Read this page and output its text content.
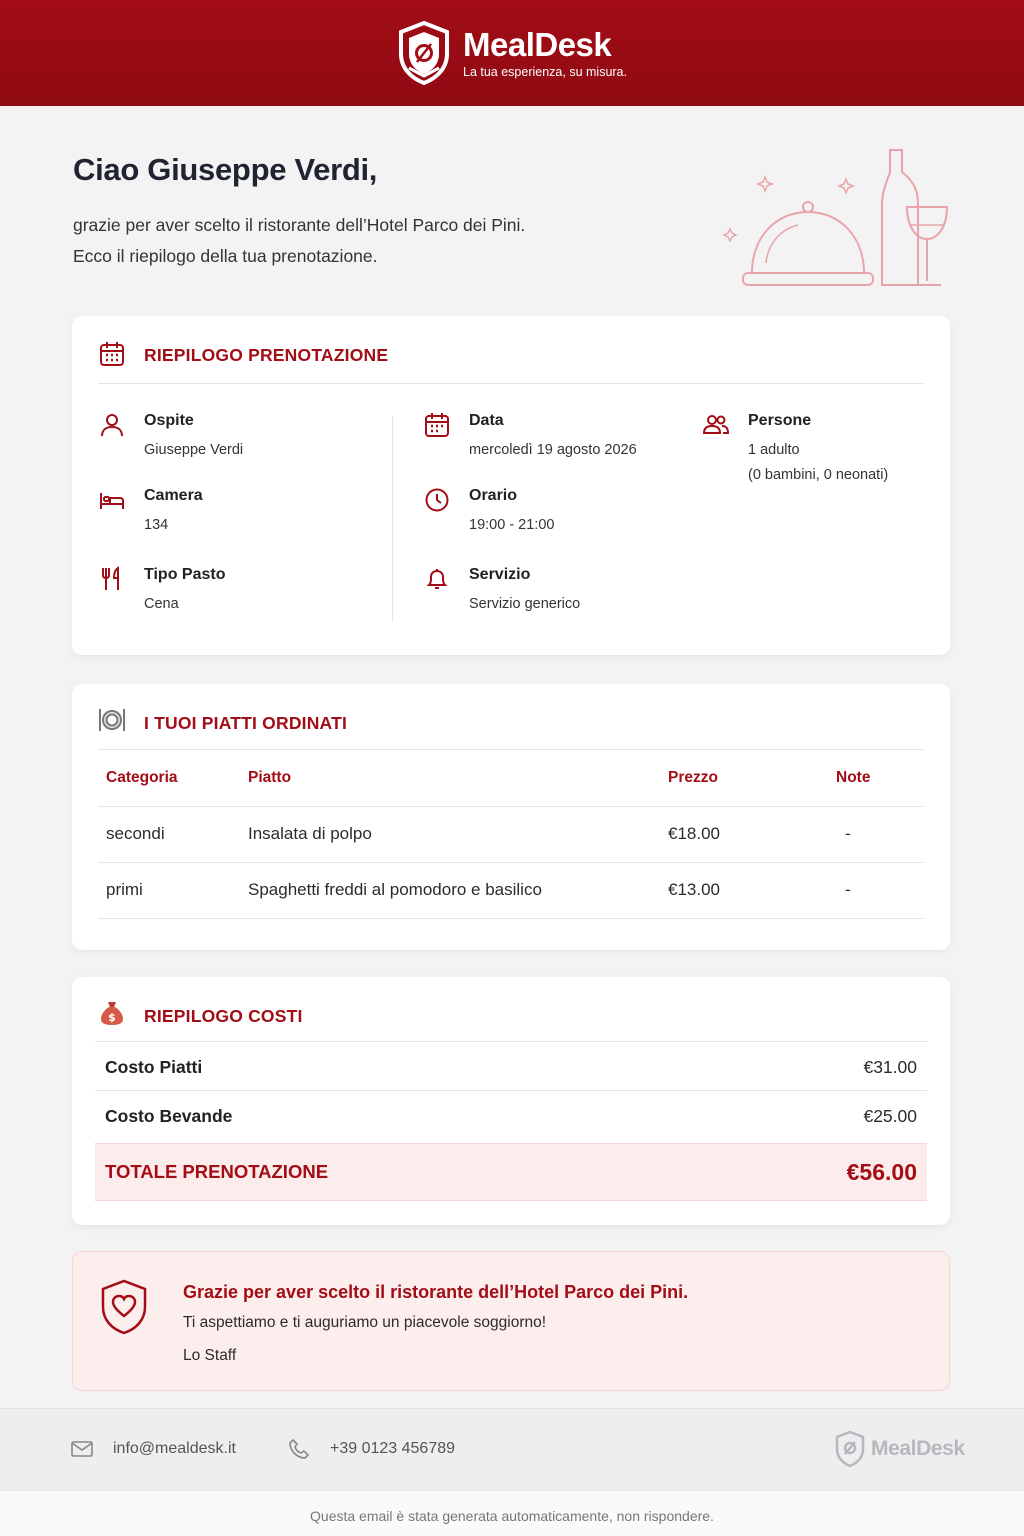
MealDesk
La tua esperienza, su misura.
Ciao Giuseppe Verdi,

grazie per aver scelto il ristorante dell’Hotel Parco dei Pini.

Ecco il riepilogo della tua prenotazione.

RIEPILOGO PRENOTAZIONE
Ospite
Giuseppe Verdi
Camera
134
Tipo Pasto
Cena
Data
mercoledì 19 agosto 2026
Orario
19:00 - 21:00
Servizio
Servizio generico
Persone
1 adulto
(0 bambini, 0 neonati)
I TUOI PIATTI ORDINATI
Categoria	Piatto	Prezzo	Note
secondi	Insalata di polpo	€18.00	-
primi	Spaghetti freddi al pomodoro e basilico	€13.00	-
$ RIEPILOGO COSTI
Costo Piatti	€31.00
Costo Bevande	€25.00
TOTALE PRENOTAZIONE	€56.00
Grazie per aver scelto il ristorante dell’Hotel Parco dei Pini.
Ti aspettiamo e ti auguriamo un piacevole soggiorno!
Lo Staff
info@mealdesk.it	+39 0123 456789	MealDesk
Questa email è stata generata automaticamente, non rispondere.
